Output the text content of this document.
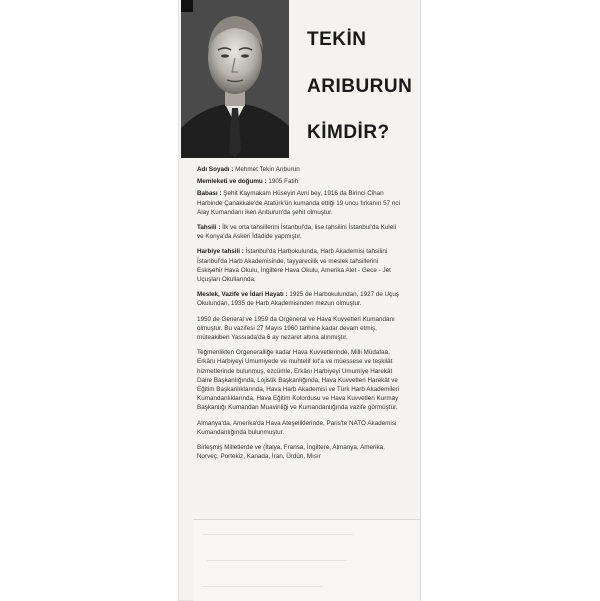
TEKİN
ARIBURUN
KİMDİR?

Adı Soyadı : Mehmet Tekin Arıburun

Memleketi ve doğumu : 1905 Fatih

Babası : Şehit Kaymakam Hüseyin Avni bey, 1916 da Birinci Cihan Harbinde Çanakkale'de Atatürk'ün kumanda ettiği 19 uncu fırkanın 57 nci Alay Kumandanı iken Arıburun'da şehit olmuştur.

Tahsili : İlk ve orta tahsillerini İstanbul'da, lise tahsilini İstanbul'da Kuleli ve Konya'da Askeri İdadide yapmıştır.

Harbiye tahsili : İstanbul'da Harbokulunda, Harb Akademisi tahsilini İstanbul'da Harb Akademisinde, tayyarecilik ve meslek tahsillerini Eskişehir Hava Okulu, İngiltere Hava Okulu, Amerika Alet - Gece - Jet Uçuşları Okullarında.

Meslek, Vazife ve İdari Hayatı : 1925 de Harbokulundan, 1927 de Uçuş Okulundan, 1935 de Harb Akademisinden mezun olmuştur.

1950 de General ve 1959 da Orgeneral ve Hava Kuvvetleri Kumandanı olmuştur. Bu vazifesi 27 Mayıs 1960 tarihine kadar devam etmiş, müteakiben Yassıada'da 6 ay nezaret altına alınmıştır.

Teğmenlikten Orgeneralliğe kadar Hava Kuvvetlerinde, Milli Müdafaa, Erkânı Harbiyeyi Umumiyede ve muhtelif kıt'a ve müessese ve teşkilât hizmetlerinde bulunmuş, ezcümle, Erkânı Harbiyeyi Umumiye Harekât Daire Başkanlığında, Lojistik Başkanlığında, Hava Kuvvetleri Harekât ve Eğitim Başkanlıklarında, Hava Harb Akademisi ve Türk Harb Akademileri Kumandanlıklarında, Hava Eğitim Kolordusu ve Hava Kuvvetleri Kurmay Başkanlığı Kumandan Muavinliği ve Kumandanlığında vazife görmüştür.

Almanya'da, Amerika'da Hava Ateşeliklerinde, Paris'te NATO Akademisi Kumandanlığında bulunmuştur.

Birleşmiş Milletlerde ve (İtalya, Fransa, İngiltere, Almanya, Amerika, Norveç, Portekiz, Kanada, İran, Ürdün, Mısır
